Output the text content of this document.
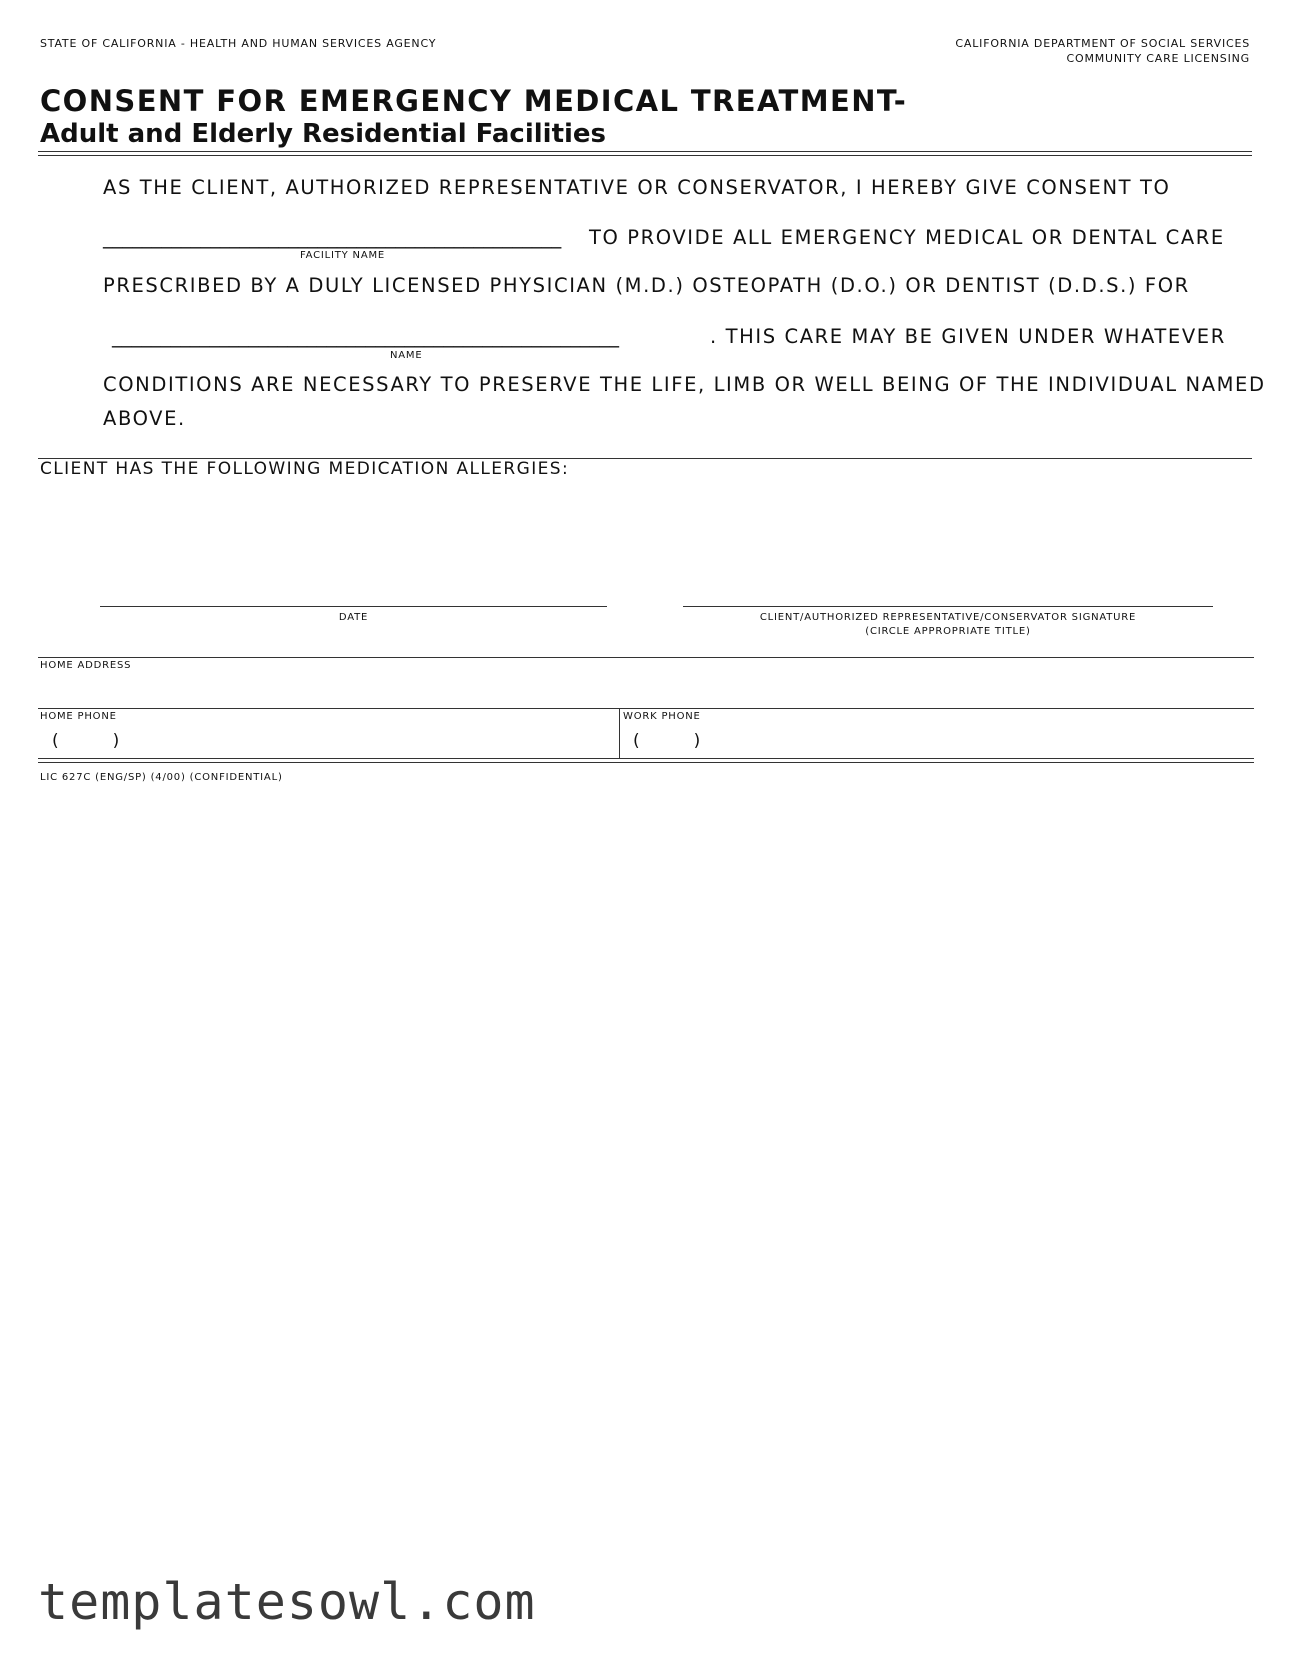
STATE OF CALIFORNIA - HEALTH AND HUMAN SERVICES AGENCY	CALIFORNIA DEPARTMENT OF SOCIAL SERVICES
COMMUNITY CARE LICENSING
CONSENT FOR EMERGENCY MEDICAL TREATMENT-
Adult and Elderly Residential Facilities
AS THE CLIENT, AUTHORIZED REPRESENTATIVE OR CONSERVATOR, I HEREBY GIVE CONSENT TO
_______________________________________________ TO PROVIDE ALL EMERGENCY MEDICAL OR DENTAL CARE
FACILITY NAME
PRESCRIBED BY A DULY LICENSED PHYSICIAN (M.D.) OSTEOPATH (D.O.) OR DENTIST (D.D.S.) FOR
____________________________________________________	. THIS CARE MAY BE GIVEN UNDER WHATEVER
NAME
CONDITIONS ARE NECESSARY TO PRESERVE THE LIFE, LIMB OR WELL BEING OF THE INDIVIDUAL NAMED
ABOVE.
CLIENT HAS THE FOLLOWING MEDICATION ALLERGIES:
DATE	CLIENT/AUTHORIZED REPRESENTATIVE/CONSERVATOR SIGNATURE
(CIRCLE APPROPRIATE TITLE)
HOME ADDRESS
HOME PHONE
(          )
WORK PHONE
(          )
LIC 627C (ENG/SP) (4/00) (CONFIDENTIAL)
templatesowl.com
